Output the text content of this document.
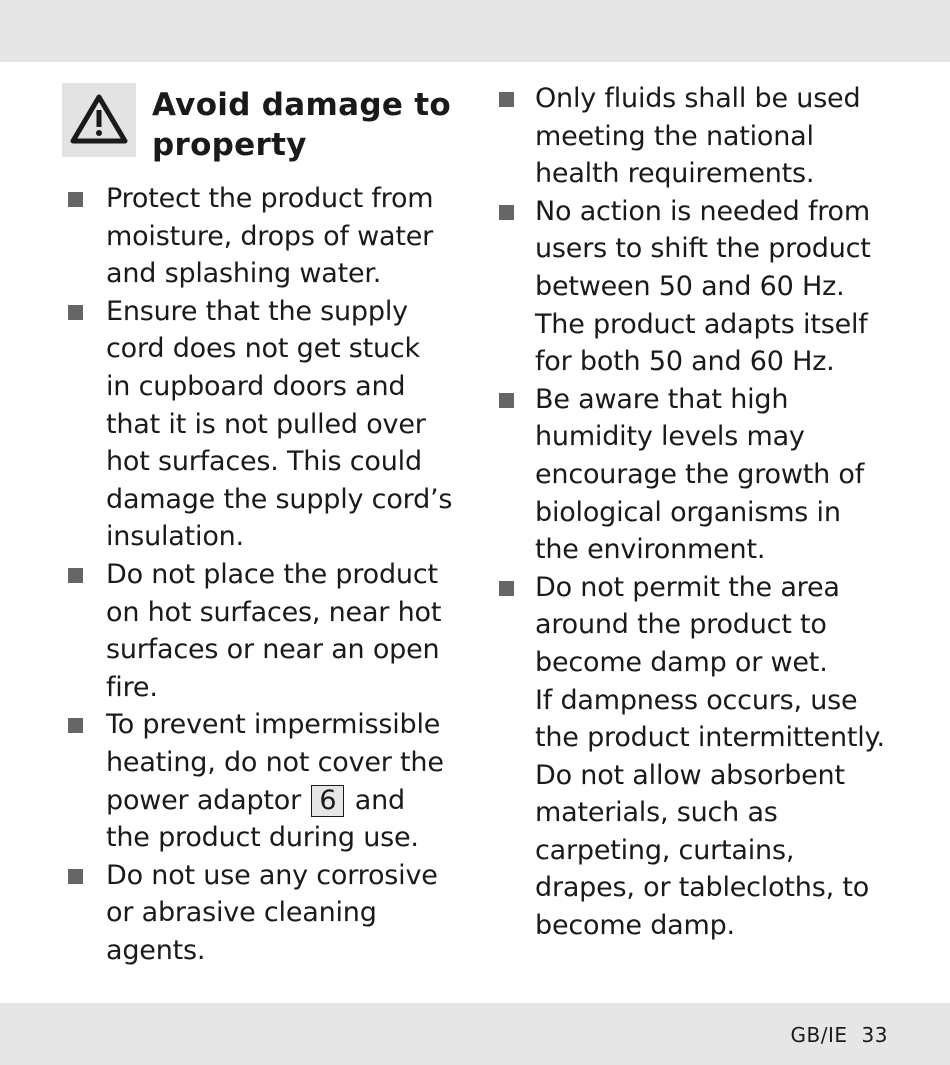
Avoid damage to
property
Protect the product from
moisture, drops of water
and splashing water.
Ensure that the supply
cord does not get stuck
in cupboard doors and
that it is not pulled over
hot surfaces. This could
damage the supply cord’s
insulation.
Do not place the product
on hot surfaces, near hot
surfaces or near an open
fire.
To prevent impermissible
heating, do not cover the
power adaptor 6 and
the product during use.
Do not use any corrosive
or abrasive cleaning
agents.
Only fluids shall be used
meeting the national
health requirements.
No action is needed from
users to shift the product
between 50 and 60 Hz.
The product adapts itself
for both 50 and 60 Hz.
Be aware that high
humidity levels may
encourage the growth of
biological organisms in
the environment.
Do not permit the area
around the product to
become damp or wet.
If dampness occurs, use
the product intermittently.
Do not allow absorbent
materials, such as
carpeting, curtains,
drapes, or tablecloths, to
become damp.
GB/IE 33
